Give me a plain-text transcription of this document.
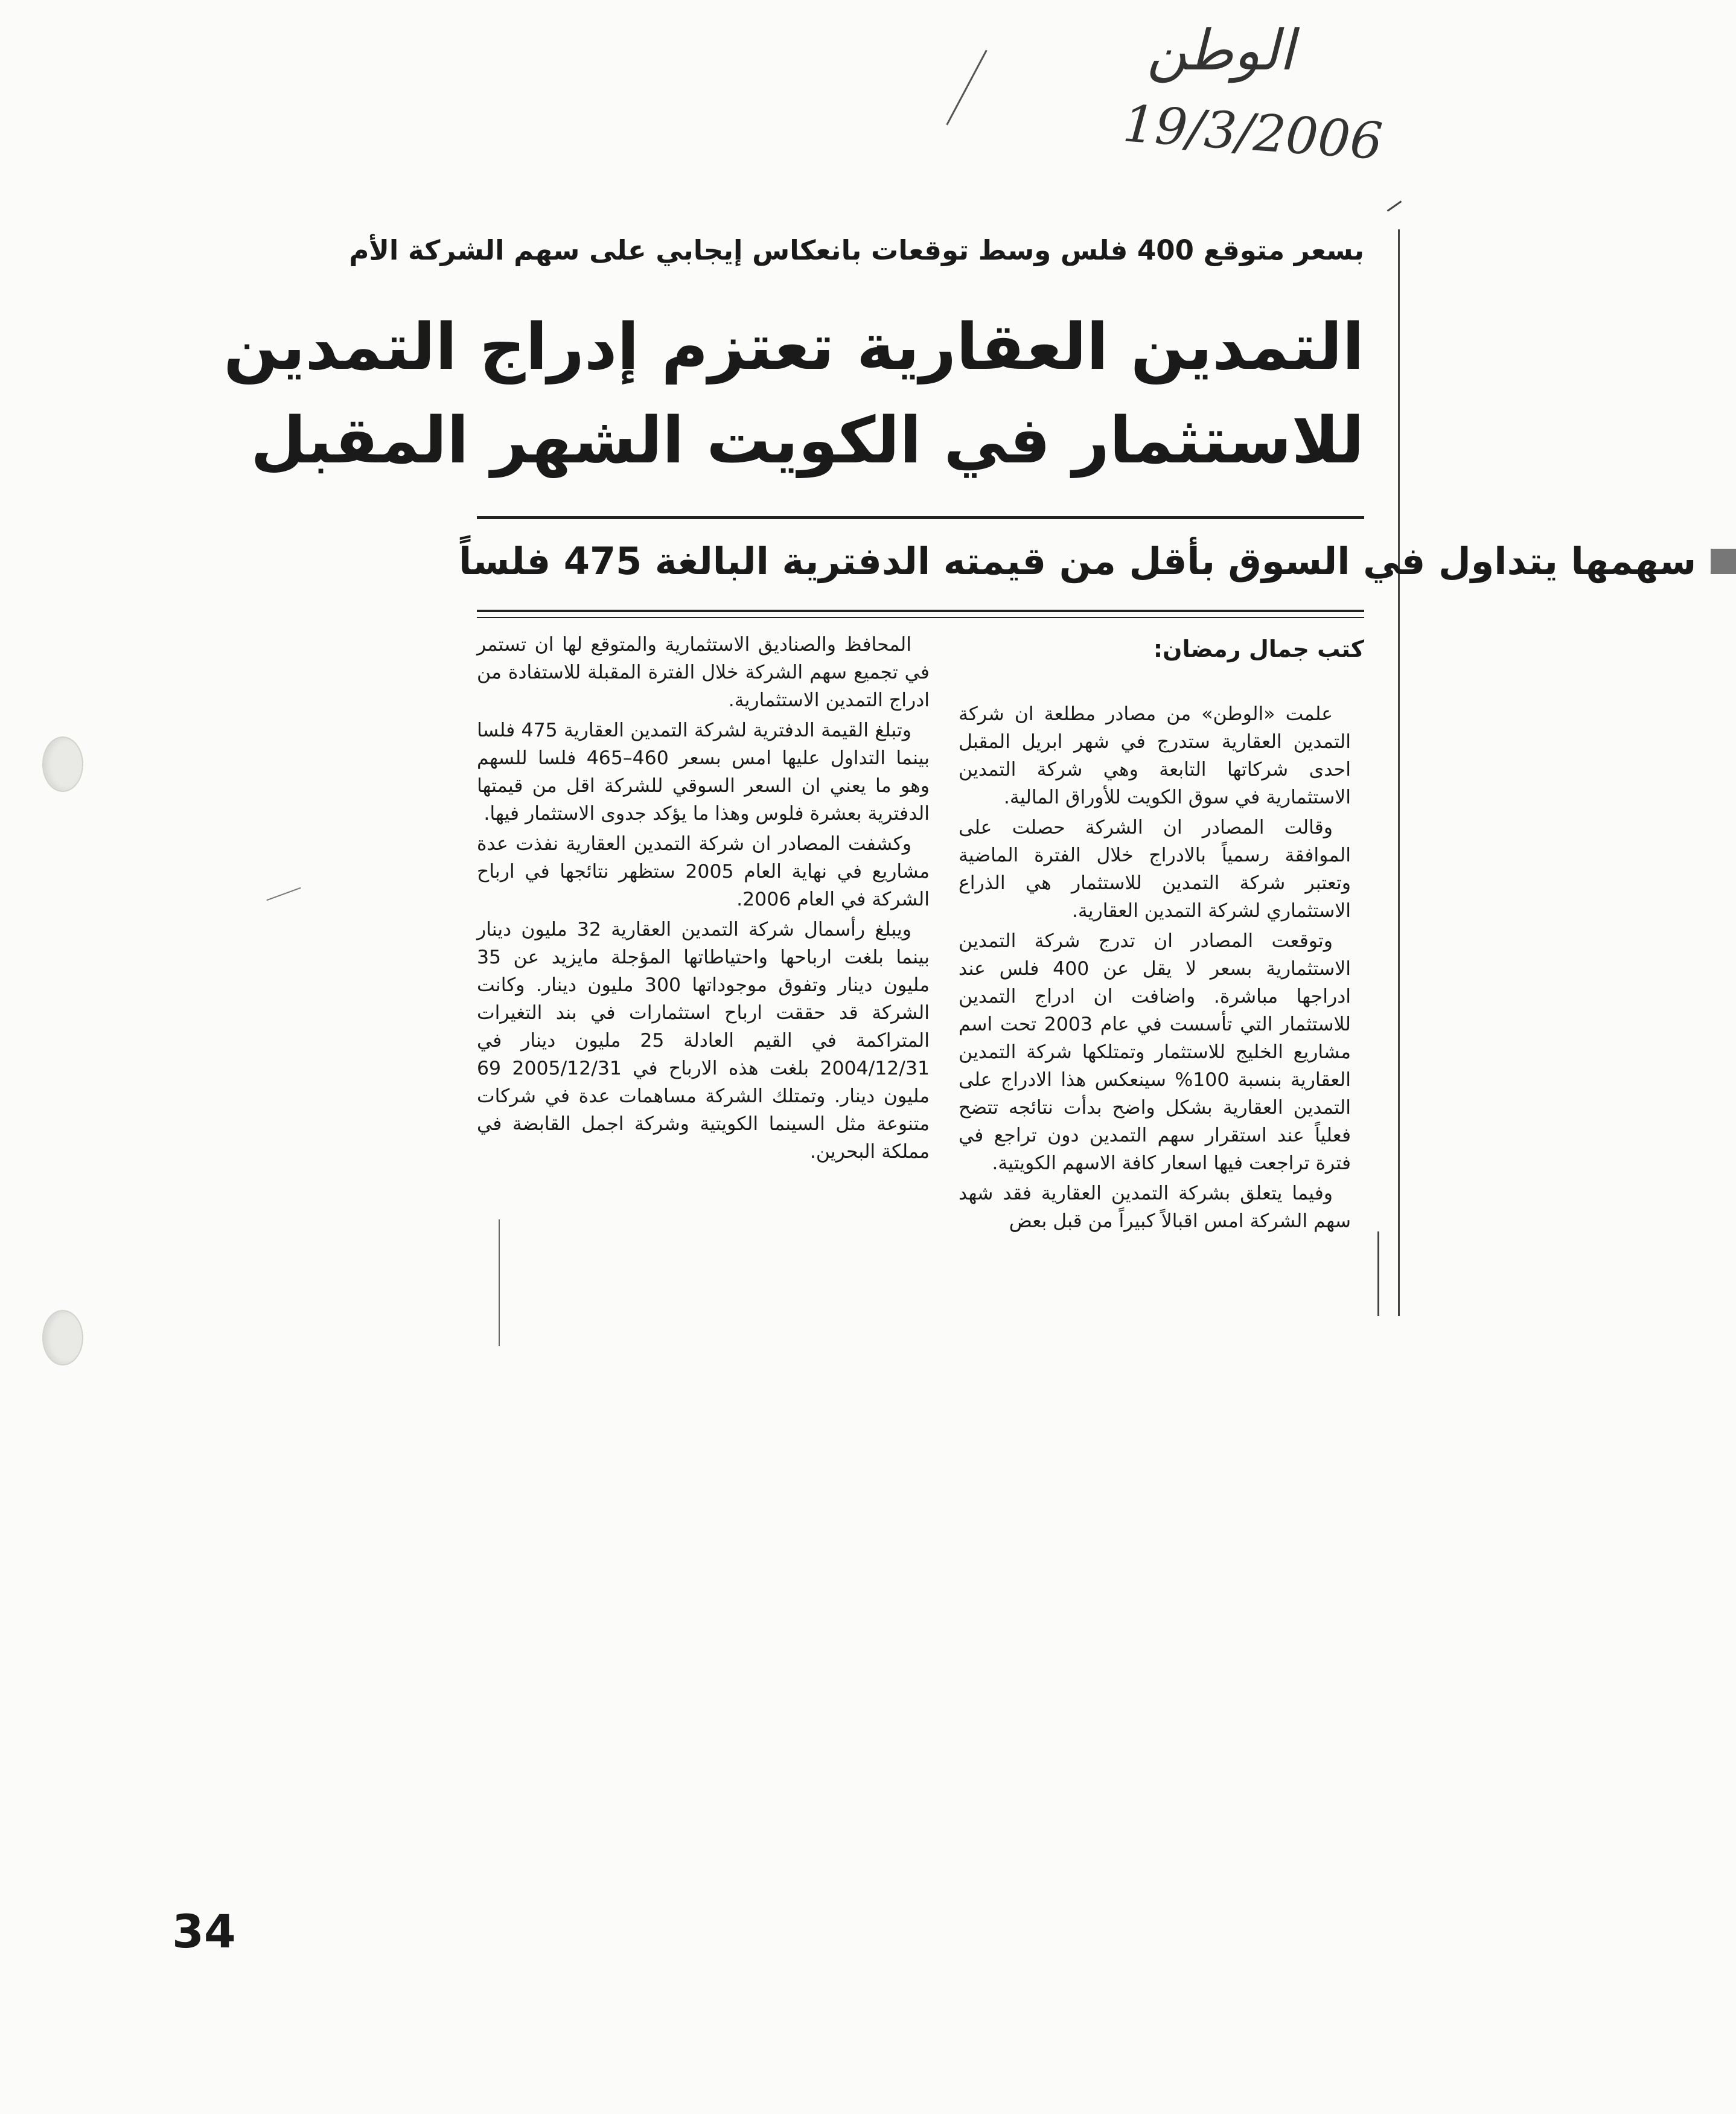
الوطن
19/3/2006
بسعر متوقع 400 فلس وسط توقعات بانعكاس إيجابي على سهم الشركة الأم
التمدين العقارية تعتزم إدراج التمدين
للاستثمار في الكويت الشهر المقبل
سهمها يتداول في السوق بأقل من قيمته الدفترية البالغة 475 فلساً
كتب جمال رمضان:

علمت «الوطن» من مصادر مطلعة ان شركة التمدين العقارية ستدرج في شهر ابريل المقبل احدى شركاتها التابعة وهي شركة التمدين الاستثمارية في سوق الكويت للأوراق المالية.

وقالت المصادر ان الشركة حصلت على الموافقة رسمياً بالادراج خلال الفترة الماضية وتعتبر شركة التمدين للاستثمار هي الذراع الاستثماري لشركة التمدين العقارية.

وتوقعت المصادر ان تدرج شركة التمدين الاستثمارية بسعر لا يقل عن 400 فلس عند ادراجها مباشرة. واضافت ان ادراج التمدين للاستثمار التي تأسست في عام 2003 تحت اسم مشاريع الخليج للاستثمار وتمتلكها شركة التمدين العقارية بنسبة 100% سينعكس هذا الادراج على التمدين العقارية بشكل واضح بدأت نتائجه تتضح فعلياً عند استقرار سهم التمدين دون تراجع في فترة تراجعت فيها اسعار كافة الاسهم الكويتية.

وفيما يتعلق بشركة التمدين العقارية فقد شهد سهم الشركة امس اقبالاً كبيراً من قبل بعض

المحافظ والصناديق الاستثمارية والمتوقع لها ان تستمر في تجميع سهم الشركة خلال الفترة المقبلة للاستفادة من ادراج التمدين الاستثمارية.

وتبلغ القيمة الدفترية لشركة التمدين العقارية 475 فلسا بينما التداول عليها امس بسعر 460–465 فلسا للسهم وهو ما يعني ان السعر السوقي للشركة اقل من قيمتها الدفترية بعشرة فلوس وهذا ما يؤكد جدوى الاستثمار فيها.

وكشفت المصادر ان شركة التمدين العقارية نفذت عدة مشاريع في نهاية العام 2005 ستظهر نتائجها في ارباح الشركة في العام 2006.

ويبلغ رأسمال شركة التمدين العقارية 32 مليون دينار بينما بلغت ارباحها واحتياطاتها المؤجلة مايزيد عن 35 مليون دينار وتفوق موجوداتها 300 مليون دينار. وكانت الشركة قد حققت ارباح استثمارات في بند التغيرات المتراكمة في القيم العادلة 25 مليون دينار في 2004/12/31 بلغت هذه الارباح في 2005/12/31 69 مليون دينار. وتمتلك الشركة مساهمات عدة في شركات متنوعة مثل السينما الكويتية وشركة اجمل القابضة في مملكة البحرين.

34
